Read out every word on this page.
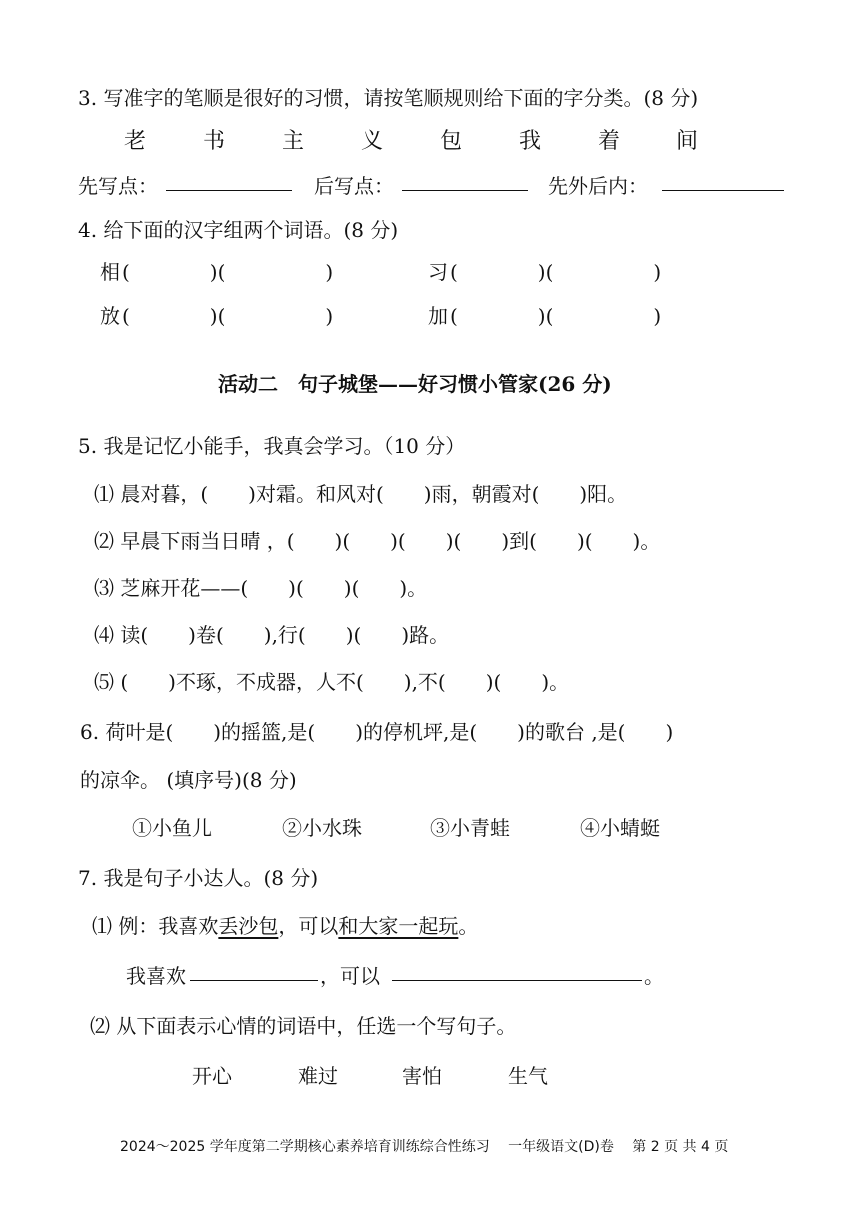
3. 写准字的笔顺是很好的习惯，请按笔顺规则给下面的字分类。(8 分)
老	书	主	义	包	我	着	间
先写点：	后写点：	先外后内：
4. 给下面的汉字组两个词语。(8 分)
相 (　　　　)(　　　　　)	习 (　　　　)(　　　　　)
放 (　　　　)(　　　　　)	加 (　　　　)(　　　　　)
活动二　句子城堡——好习惯小管家(26 分)
5. 我是记忆小能手，我真会学习。（10 分）
⑴ 晨对暮，(　　)对霜。和风对(　　)雨，朝霞对(　　)阳。
⑵ 早晨下雨当日晴 ，(　　)(　　)(　　)(　　)到(　　)(　　)。
⑶ 芝麻开花——(　　)(　　)(　　)。
⑷ 读(　　)卷(　　),行(　　)(　　)路。
⑸ (　　)不琢，不成器，人不(　　),不(　　)(　　)。
6. 荷叶是(　　)的摇篮,是(　　)的停机坪,是(　　)的歌台 ,是(　　)
的凉伞。 (填序号)(8 分)
①小鱼儿	②小水珠	③小青蛙	④小蜻蜓
7. 我是句子小达人。(8 分)
⑴ 例：我喜欢丢沙包，可以和大家一起玩。
我喜欢	，可以	。
⑵ 从下面表示心情的词语中，任选一个写句子。
开心	难过	害怕	生气
2024～2025 学年度第二学期核心素养培育训练综合性练习　 一年级语文(D)卷　 第 2 页 共 4 页
